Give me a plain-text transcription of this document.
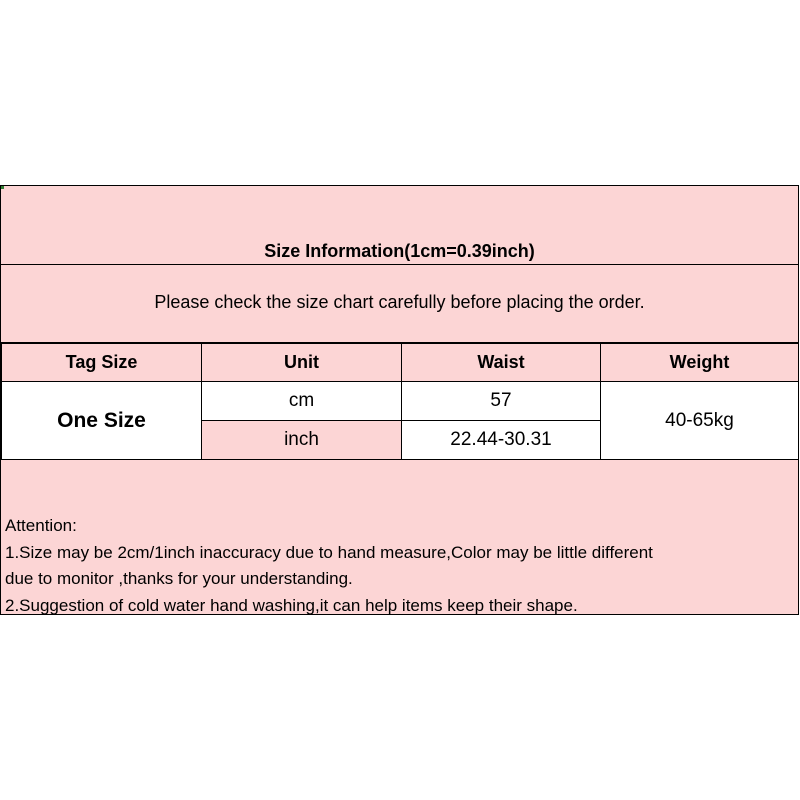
Size Information(1cm=0.39inch)
Please check the size chart carefully before placing the order.
Tag Size	Unit	Waist	Weight
One Size	cm	57	40-65kg
	inch	22.44-30.31	
Attention:
1.Size may be 2cm/1inch inaccuracy due to hand measure,Color may be little different
due to monitor ,thanks for your understanding.
2.Suggestion of cold water hand washing,it can help items keep their shape.
